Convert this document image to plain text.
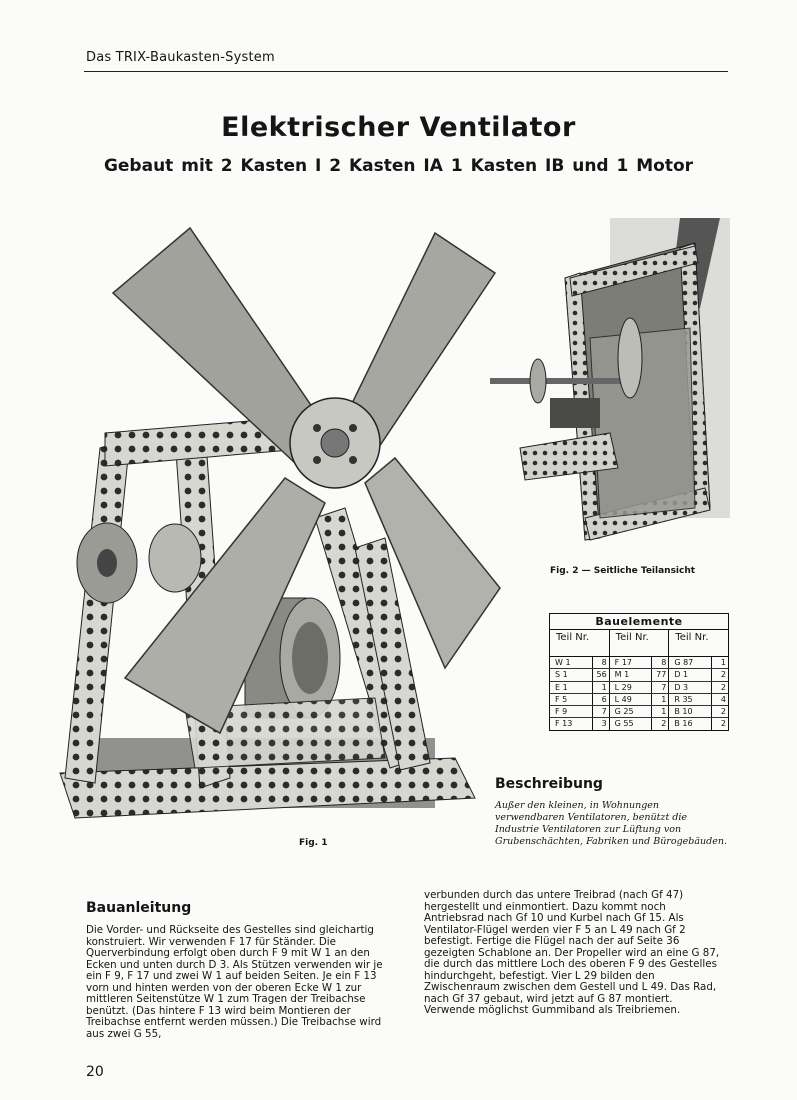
Das TRIX-Baukasten-System
Elektrischer Ventilator
Gebaut mit 2 Kasten I 2 Kasten IA 1 Kasten IB und 1 Motor
Fig. 1
Fig. 2 — Seitliche Teilansicht
Bauelemente
Teil Nr.	Teil Nr.	Teil Nr.
W 1	8	F 17	8	G 87	1
S 1	56	M 1	77	D 1	2
E 1	1	L 29	7	D 3	2
F 5	6	L 49	1	R 35	4
F 9	7	G 25	1	B 10	2
F 13	3	G 55	2	B 16	2
Beschreibung
Außer den kleinen, in Wohnungen verwendbaren Ventilatoren, benützt die Industrie Ventilatoren zur Lüftung von Grubenschächten, Fabriken und Bürogebäuden.
Bauanleitung

Die Vorder- und Rückseite des Gestelles sind gleichartig konstruiert. Wir verwenden F 17 für Ständer. Die Querverbindung erfolgt oben durch F 9 mit W 1 an den Ecken und unten durch D 3. Als Stützen verwenden wir je ein F 9, F 17 und zwei W 1 auf beiden Seiten. Je ein F 13 vorn und hinten werden von der oberen Ecke W 1 zur mittleren Seitenstütze W 1 zum Tragen der Treibachse benützt. (Das hintere F 13 wird beim Montieren der Treibachse entfernt werden müssen.) Die Treibachse wird aus zwei G 55,

verbunden durch das untere Treibrad (nach Gf 47) hergestellt und einmontiert. Dazu kommt noch Antriebsrad nach Gf 10 und Kurbel nach Gf 15. Als Ventilator-Flügel werden vier F 5 an L 49 nach Gf 2 befestigt. Fertige die Flügel nach der auf Seite 36 gezeigten Schablone an. Der Propeller wird an eine G 87, die durch das mittlere Loch des oberen F 9 des Gestelles hindurchgeht, befestigt. Vier L 29 bilden den Zwischenraum zwischen dem Gestell und L 49. Das Rad, nach Gf 37 gebaut, wird jetzt auf G 87 montiert. Verwende möglichst Gummiband als Treibriemen.

20
